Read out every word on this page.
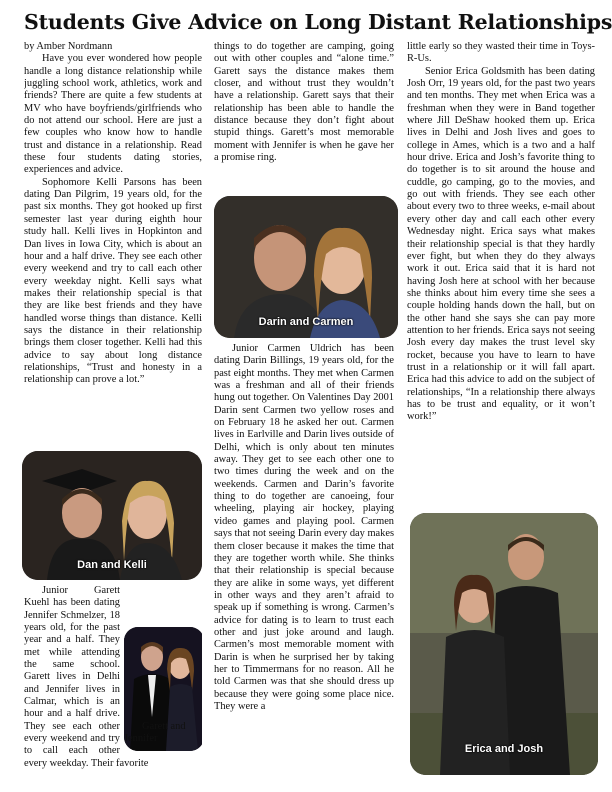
Students Give Advice on Long Distant Relationships

by Amber Nordmann

Have you ever wondered how people handle a long distance relationship while juggling school work, athletics, work and friends? There are quite a few students at MV who have boyfriends/girlfriends who do not attend our school. Here are just a few couples who know how to handle trust and distance in a relationship. Read these four students dating stories, experiences and advice.

Sophomore Kelli Parsons has been dating Dan Pilgrim, 19 years old, for the past six months. They got hooked up first semester last year during eighth hour study hall. Kelli lives in Hopkinton and Dan lives in Iowa City, which is about an hour and a half drive. They see each other every weekend and try to call each other every weekday night. Kelli says what makes their relationship special is that they are like best friends and they have handled worse things than distance. Kelli says the distance in their relationship brings them closer together. Kelli had this advice to say about long distance relationships, “Trust and honesty in a relationship can prove a lot.”

Dan and Kelli

Garett and
Jennifer
Junior Garett Kuehl has been dating Jennifer Schmelzer, 18 years old, for the past year and a half. They met while attending the same school. Garett lives in Delhi and Jennifer lives in Calmar, which is an hour and a half drive. They see each other every weekend and try to call each other every weekday. Their favorite

things to do together are camping, going out with other couples and “alone time.” Garett says the distance makes them closer, and without trust they wouldn’t have a relationship. Garett says that their relationship has been able to handle the distance because they don’t fight about stupid things. Garett’s most memorable moment with Jennifer is when he gave her a promise ring.

Darin and Carmen

Junior Carmen Uldrich has been dating Darin Billings, 19 years old, for the past eight months. They met when Carmen was a freshman and all of their friends hung out together. On Valentines Day 2001 Darin sent Carmen two yellow roses and on February 18 he asked her out. Carmen lives in Earlville and Darin lives outside of Delhi, which is only about ten minutes away. They get to see each other one to two times during the week and on the weekends. Carmen and Darin’s favorite thing to do together are canoeing, four wheeling, playing air hockey, playing video games and playing pool. Carmen says that not seeing Darin every day makes them closer because it makes the time that they are together worth while. She thinks that their relationship is special because they are alike in some ways, yet different in other ways and they aren’t afraid to speak up if something is wrong. Carmen’s advice for dating is to learn to trust each other and just joke around and laugh. Carmen’s most memorable moment with Darin is when he surprised her by taking her to Timmermans for no reason. All he told Carmen was that she should dress up because they were going some place nice. They were a

little early so they wasted their time in Toys-R-Us.

Senior Erica Goldsmith has been dating Josh Orr, 19 years old, for the past two years and ten months. They met when Erica was a freshman when they were in Band together where Jill DeShaw hooked them up. Erica lives in Delhi and Josh lives and goes to college in Ames, which is a two and a half hour drive. Erica and Josh’s favorite thing to do together is to sit around the house and cuddle, go camping, go to the movies, and go out with friends. They see each other about every two to three weeks, e-mail about every other day and call each other every Wednesday night. Erica says what makes their relationship special is that they hardly ever fight, but when they do they always work it out. Erica said that it is hard not having Josh here at school with her because she thinks about him every time she sees a couple holding hands down the hall, but on the other hand she says she can pay more attention to her friends. Erica says not seeing Josh every day makes the trust level sky rocket, because you have to learn to have trust in a relationship or it will fall apart. Erica had this advice to add on the subject of relationships, “In a relationship there always has to be trust and equality, or it won’t work!”

Erica and Josh
